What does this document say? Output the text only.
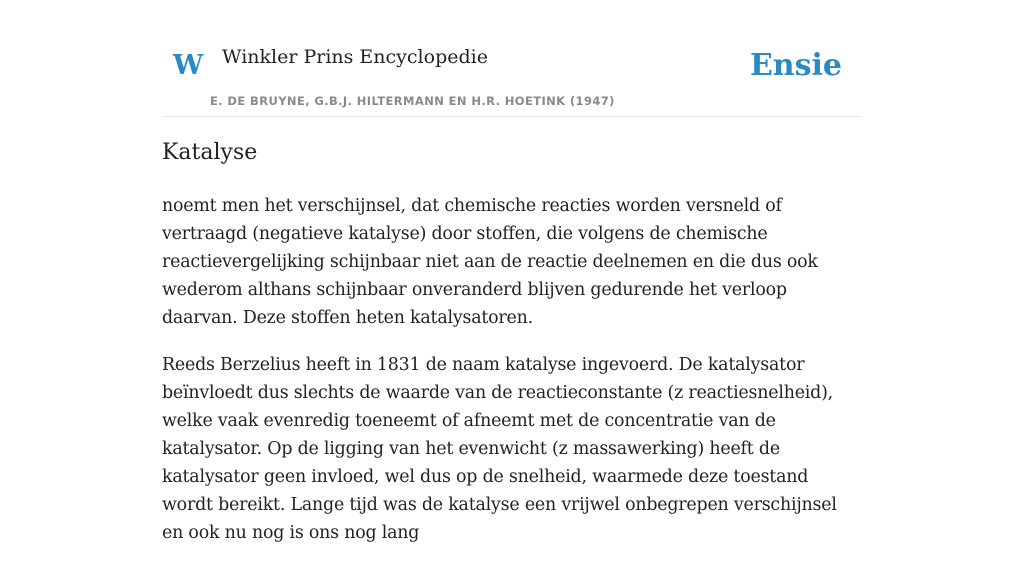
W Winkler Prins Encyclopedie
E. DE BRUYNE, G.B.J. HILTERMANN EN H.R. HOETINK (1947)
Ensie
Katalyse

noemt men het verschijnsel, dat chemische reacties worden versneld of vertraagd (negatieve katalyse) door stoffen, die volgens de chemische reactievergelijking schijnbaar niet aan de reactie deelnemen en die dus ook wederom althans schijnbaar onveranderd blijven gedurende het verloop daarvan. Deze stoffen heten katalysatoren.

Reeds Berzelius heeft in 1831 de naam katalyse ingevoerd. De katalysator beïnvloedt dus slechts de waarde van de reactieconstante (z reactiesnelheid), welke vaak evenredig toeneemt of afneemt met de concentratie van de katalysator. Op de ligging van het evenwicht (z massawerking) heeft de katalysator geen invloed, wel dus op de snelheid, waarmede deze toestand wordt bereikt. Lange tijd was de katalyse een vrijwel onbegrepen verschijnsel en ook nu nog is ons nog lang
